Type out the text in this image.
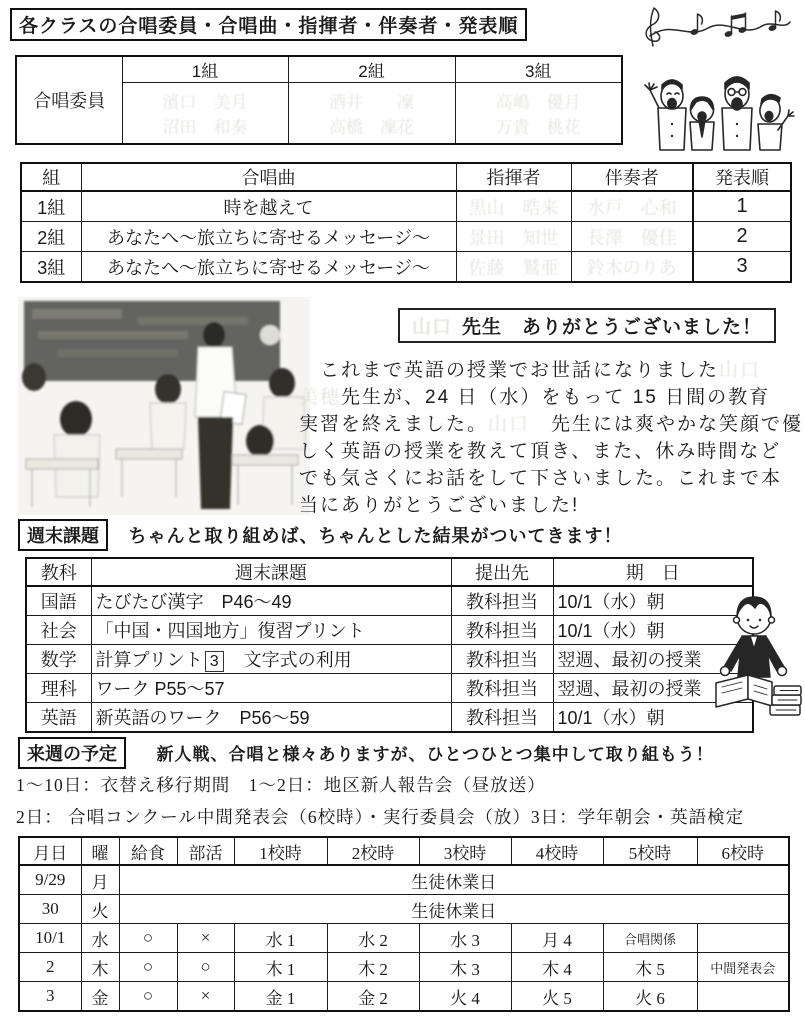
各クラスの合唱委員・合唱曲・指揮者・伴奏者・発表順
合唱委員	1組	2組	3組

濱口　美月
沼田　和奏

酒井　　凜
高橋　凜花

高嶋　優月
万貴　桃花
組	合唱曲	指揮者	伴奏者	発表順
1組	時を越えて	黒山　晧来	水戸　心和	1
2組	あなたへ～旅立ちに寄せるメッセージ～	景田　知世	長澤　優佳	2
3組	あなたへ～旅立ちに寄せるメッセージ～	佐藤　鷲亜	鈴木のりあ	3
山口 先生　ありがとうございました！
　これまで英語の授業でお世話になりました山口
美穂先生が、24 日（水）をもって 15 日間の教育
実習を終えました。山口　先生には爽やかな笑顔で優
しく英語の授業を教えて頂き、また、休み時間など
でも気さくにお話をして下さいました。これまで本
当にありがとうございました!
週末課題 ちゃんと取り組めば、ちゃんとした結果がついてきます！
教科	週末課題	提出先	期　日
国語	たびたび漢字　P46～49	教科担当	10/1（水）朝
社会	「中国・四国地方」復習プリント	教科担当	10/1（水）朝
数学	計算プリント 3　文字式の利用	教科担当	翌週、最初の授業
理科	ワーク P55～57	教科担当	翌週、最初の授業
英語	新英語のワーク　P56～59	教科担当	10/1（水）朝
来週の予定 新人戦、合唱と様々ありますが、ひとつひとつ集中して取り組もう！
1～10日：衣替え移行期間　1～2日：地区新人報告会（昼放送）
2日： 合唱コンクール中間発表会（6校時）・実行委員会（放）3日：学年朝会・英語検定
月日	曜	給食	部活	1校時	2校時	3校時	4校時	5校時	6校時
9/29	月	生徒休業日							
30	火	生徒休業日							
10/1	水	○	×	水 1	水 2	水 3	月 4	合唱関係	
2	木	○	○	木 1	木 2	木 3	木 4	木 5	中間発表会
3	金	○	×	金 1	金 2	火 4	火 5	火 6	
